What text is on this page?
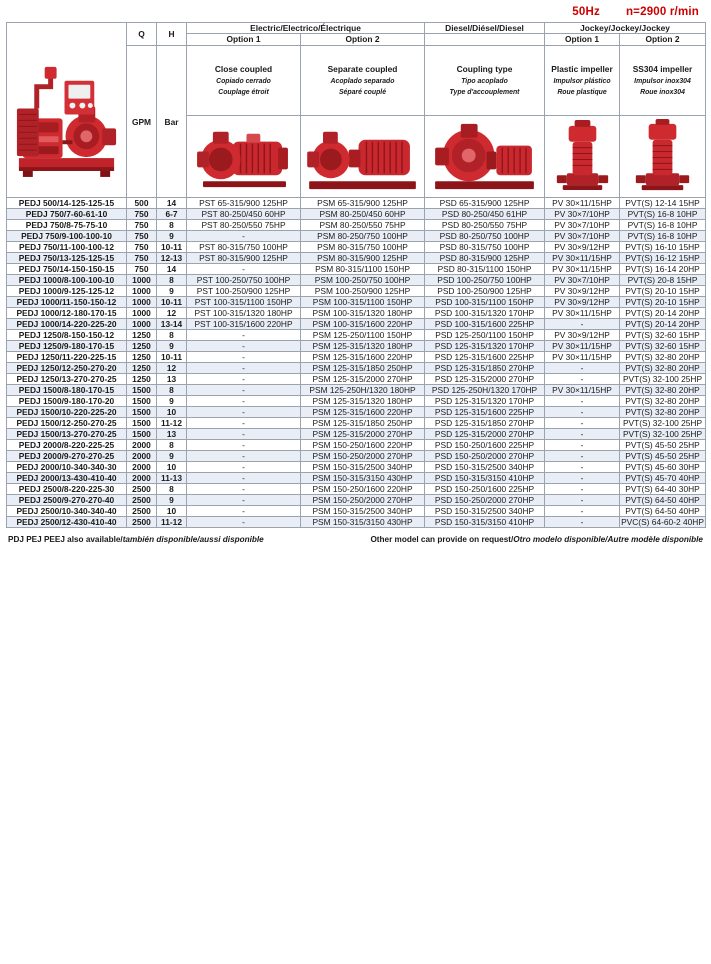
50Hz n=2900 r/min
	Q	H	Electric/Electrico/Électrique		Diesel/Diésel/Diesel	Jockey/Jockey/Jockey	
			Option 1	Option 2		Option 1	Option 2
GPM	Bar	
Close coupled
Copiado cerrado
Couplage étroit

Separate coupled
Acoplado separado
Séparé couplé

Coupling type
Tipo acoplado
Type d'accouplement

Plastic impeller
Impulsor plástico
Roue plastique

SS304 impeller
Impulsor inox304
Roue inox304

PEDJ 500/14-125-125-15	500	14	PST 65-315/900 125HP	PSM 65-315/900 125HP	PSD 65-315/900 125HP	PV 30×11/15HP	PVT(S) 12-14 15HP
PEDJ 750/7-60-61-10	750	6-7	PST 80-250/450 60HP	PSM 80-250/450 60HP	PSD 80-250/450 61HP	PV 30×7/10HP	PVT(S) 16-8 10HP
PEDJ 750/8-75-75-10	750	8	PST 80-250/550 75HP	PSM 80-250/550 75HP	PSD 80-250/550 75HP	PV 30×7/10HP	PVT(S) 16-8 10HP
PEDJ 750/9-100-100-10	750	9	-	PSM 80-250/750 100HP	PSD 80-250/750 100HP	PV 30×7/10HP	PVT(S) 16-8 10HP
PEDJ 750/11-100-100-12	750	10-11	PST 80-315/750 100HP	PSM 80-315/750 100HP	PSD 80-315/750 100HP	PV 30×9/12HP	PVT(S) 16-10 15HP
PEDJ 750/13-125-125-15	750	12-13	PST 80-315/900 125HP	PSM 80-315/900 125HP	PSD 80-315/900 125HP	PV 30×11/15HP	PVT(S) 16-12 15HP
PEDJ 750/14-150-150-15	750	14	-	PSM 80-315/1100 150HP	PSD 80-315/1100 150HP	PV 30×11/15HP	PVT(S) 16-14 20HP
PEDJ 1000/8-100-100-10	1000	8	PST 100-250/750 100HP	PSM 100-250/750 100HP	PSD 100-250/750 100HP	PV 30×7/10HP	PVT(S) 20-8 15HP
PEDJ 1000/9-125-125-12	1000	9	PST 100-250/900 125HP	PSM 100-250/900 125HP	PSD 100-250/900 125HP	PV 30×9/12HP	PVT(S) 20-10 15HP
PEDJ 1000/11-150-150-12	1000	10-11	PST 100-315/1100 150HP	PSM 100-315/1100 150HP	PSD 100-315/1100 150HP	PV 30×9/12HP	PVT(S) 20-10 15HP
PEDJ 1000/12-180-170-15	1000	12	PST 100-315/1320 180HP	PSM 100-315/1320 180HP	PSD 100-315/1320 170HP	PV 30×11/15HP	PVT(S) 20-14 20HP
PEDJ 1000/14-220-225-20	1000	13-14	PST 100-315/1600 220HP	PSM 100-315/1600 220HP	PSD 100-315/1600 225HP	-	PVT(S) 20-14 20HP
PEDJ 1250/8-150-150-12	1250	8	-	PSM 125-250/1100 150HP	PSD 125-250/1100 150HP	PV 30×9/12HP	PVT(S) 32-60 15HP
PEDJ 1250/9-180-170-15	1250	9	-	PSM 125-315/1320 180HP	PSD 125-315/1320 170HP	PV 30×11/15HP	PVT(S) 32-60 15HP
PEDJ 1250/11-220-225-15	1250	10-11	-	PSM 125-315/1600 220HP	PSD 125-315/1600 225HP	PV 30×11/15HP	PVT(S) 32-80 20HP
PEDJ 1250/12-250-270-20	1250	12	-	PSM 125-315/1850 250HP	PSD 125-315/1850 270HP	-	PVT(S) 32-80 20HP
PEDJ 1250/13-270-270-25	1250	13	-	PSM 125-315/2000 270HP	PSD 125-315/2000 270HP	-	PVT(S) 32-100 25HP
PEDJ 1500/8-180-170-15	1500	8	-	PSM 125-250H/1320 180HP	PSD 125-250H/1320 170HP	PV 30×11/15HP	PVT(S) 32-80 20HP
PEDJ 1500/9-180-170-20	1500	9	-	PSM 125-315/1320 180HP	PSD 125-315/1320 170HP	-	PVT(S) 32-80 20HP
PEDJ 1500/10-220-225-20	1500	10	-	PSM 125-315/1600 220HP	PSD 125-315/1600 225HP	-	PVT(S) 32-80 20HP
PEDJ 1500/12-250-270-25	1500	11-12	-	PSM 125-315/1850 250HP	PSD 125-315/1850 270HP	-	PVT(S) 32-100 25HP
PEDJ 1500/13-270-270-25	1500	13	-	PSM 125-315/2000 270HP	PSD 125-315/2000 270HP	-	PVT(S) 32-100 25HP
PEDJ 2000/8-220-225-25	2000	8	-	PSM 150-250/1600 220HP	PSD 150-250/1600 225HP	-	PVT(S) 45-50 25HP
PEDJ 2000/9-270-270-25	2000	9	-	PSM 150-250/2000 270HP	PSD 150-250/2000 270HP	-	PVT(S) 45-50 25HP
PEDJ 2000/10-340-340-30	2000	10	-	PSM 150-315/2500 340HP	PSD 150-315/2500 340HP	-	PVT(S) 45-60 30HP
PEDJ 2000/13-430-410-40	2000	11-13	-	PSM 150-315/3150 430HP	PSD 150-315/3150 410HP	-	PVT(S) 45-70 40HP
PEDJ 2500/8-220-225-30	2500	8	-	PSM 150-250/1600 220HP	PSD 150-250/1600 225HP	-	PVT(S) 64-40 30HP
PEDJ 2500/9-270-270-40	2500	9	-	PSM 150-250/2000 270HP	PSD 150-250/2000 270HP	-	PVT(S) 64-50 40HP
PEDJ 2500/10-340-340-40	2500	10	-	PSM 150-315/2500 340HP	PSD 150-315/2500 340HP	-	PVT(S) 64-50 40HP
PEDJ 2500/12-430-410-40	2500	11-12	-	PSM 150-315/3150 430HP	PSD 150-315/3150 410HP	-	PVC(S) 64-60-2 40HP
PDJ PEJ PEEJ also available/también disponible/aussi disponible	Other model can provide on request/Otro modelo disponible/Autre modèle disponible
